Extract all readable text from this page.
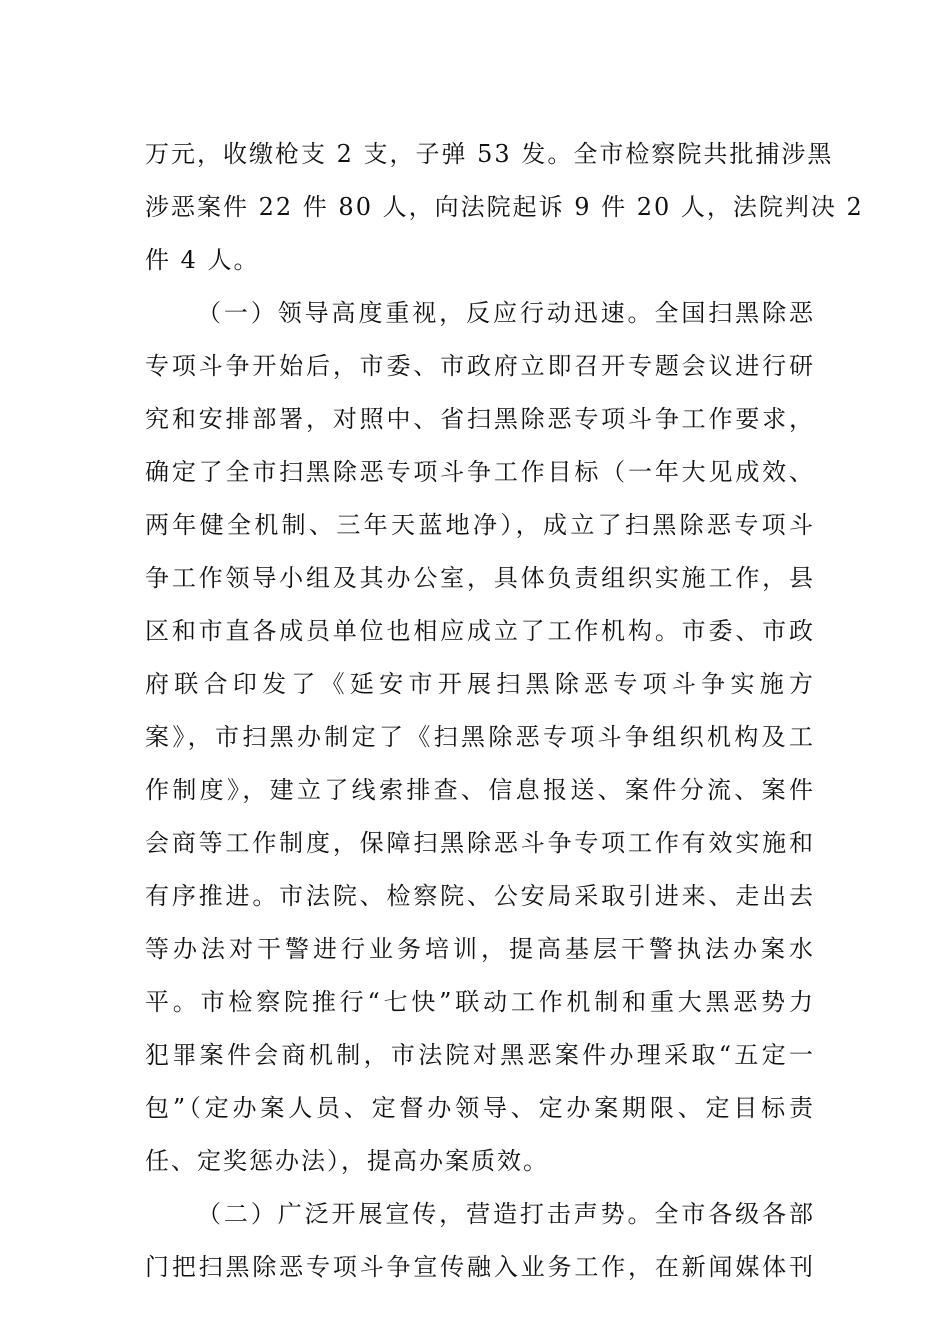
万元，收缴枪支 2 支，子弹 53 发。全市检察院共批捕涉黑
涉恶案件 22 件 80 人，向法院起诉 9 件 20 人，法院判决 2
件 4 人。
（一）领导高度重视，反应行动迅速。全国扫黑除恶
专项斗争开始后，市委、市政府立即召开专题会议进行研
究和安排部署，对照中、省扫黑除恶专项斗争工作要求，
确定了全市扫黑除恶专项斗争工作目标（一年大见成效、
两年健全机制、三年天蓝地净），成立了扫黑除恶专项斗
争工作领导小组及其办公室，具体负责组织实施工作，县
区和市直各成员单位也相应成立了工作机构。市委、市政
府联合印发了《延安市开展扫黑除恶专项斗争实施方
案》，市扫黑办制定了《扫黑除恶专项斗争组织机构及工
作制度》，建立了线索排查、信息报送、案件分流、案件
会商等工作制度，保障扫黑除恶斗争专项工作有效实施和
有序推进。市法院、检察院、公安局采取引进来、走出去
等办法对干警进行业务培训，提高基层干警执法办案水
平。市检察院推行“七快”联动工作机制和重大黑恶势力
犯罪案件会商机制，市法院对黑恶案件办理采取“五定一
包”（定办案人员、定督办领导、定办案期限、定目标责
任、定奖惩办法），提高办案质效。
（二）广泛开展宣传，营造打击声势。全市各级各部
门把扫黑除恶专项斗争宣传融入业务工作，在新闻媒体刊
